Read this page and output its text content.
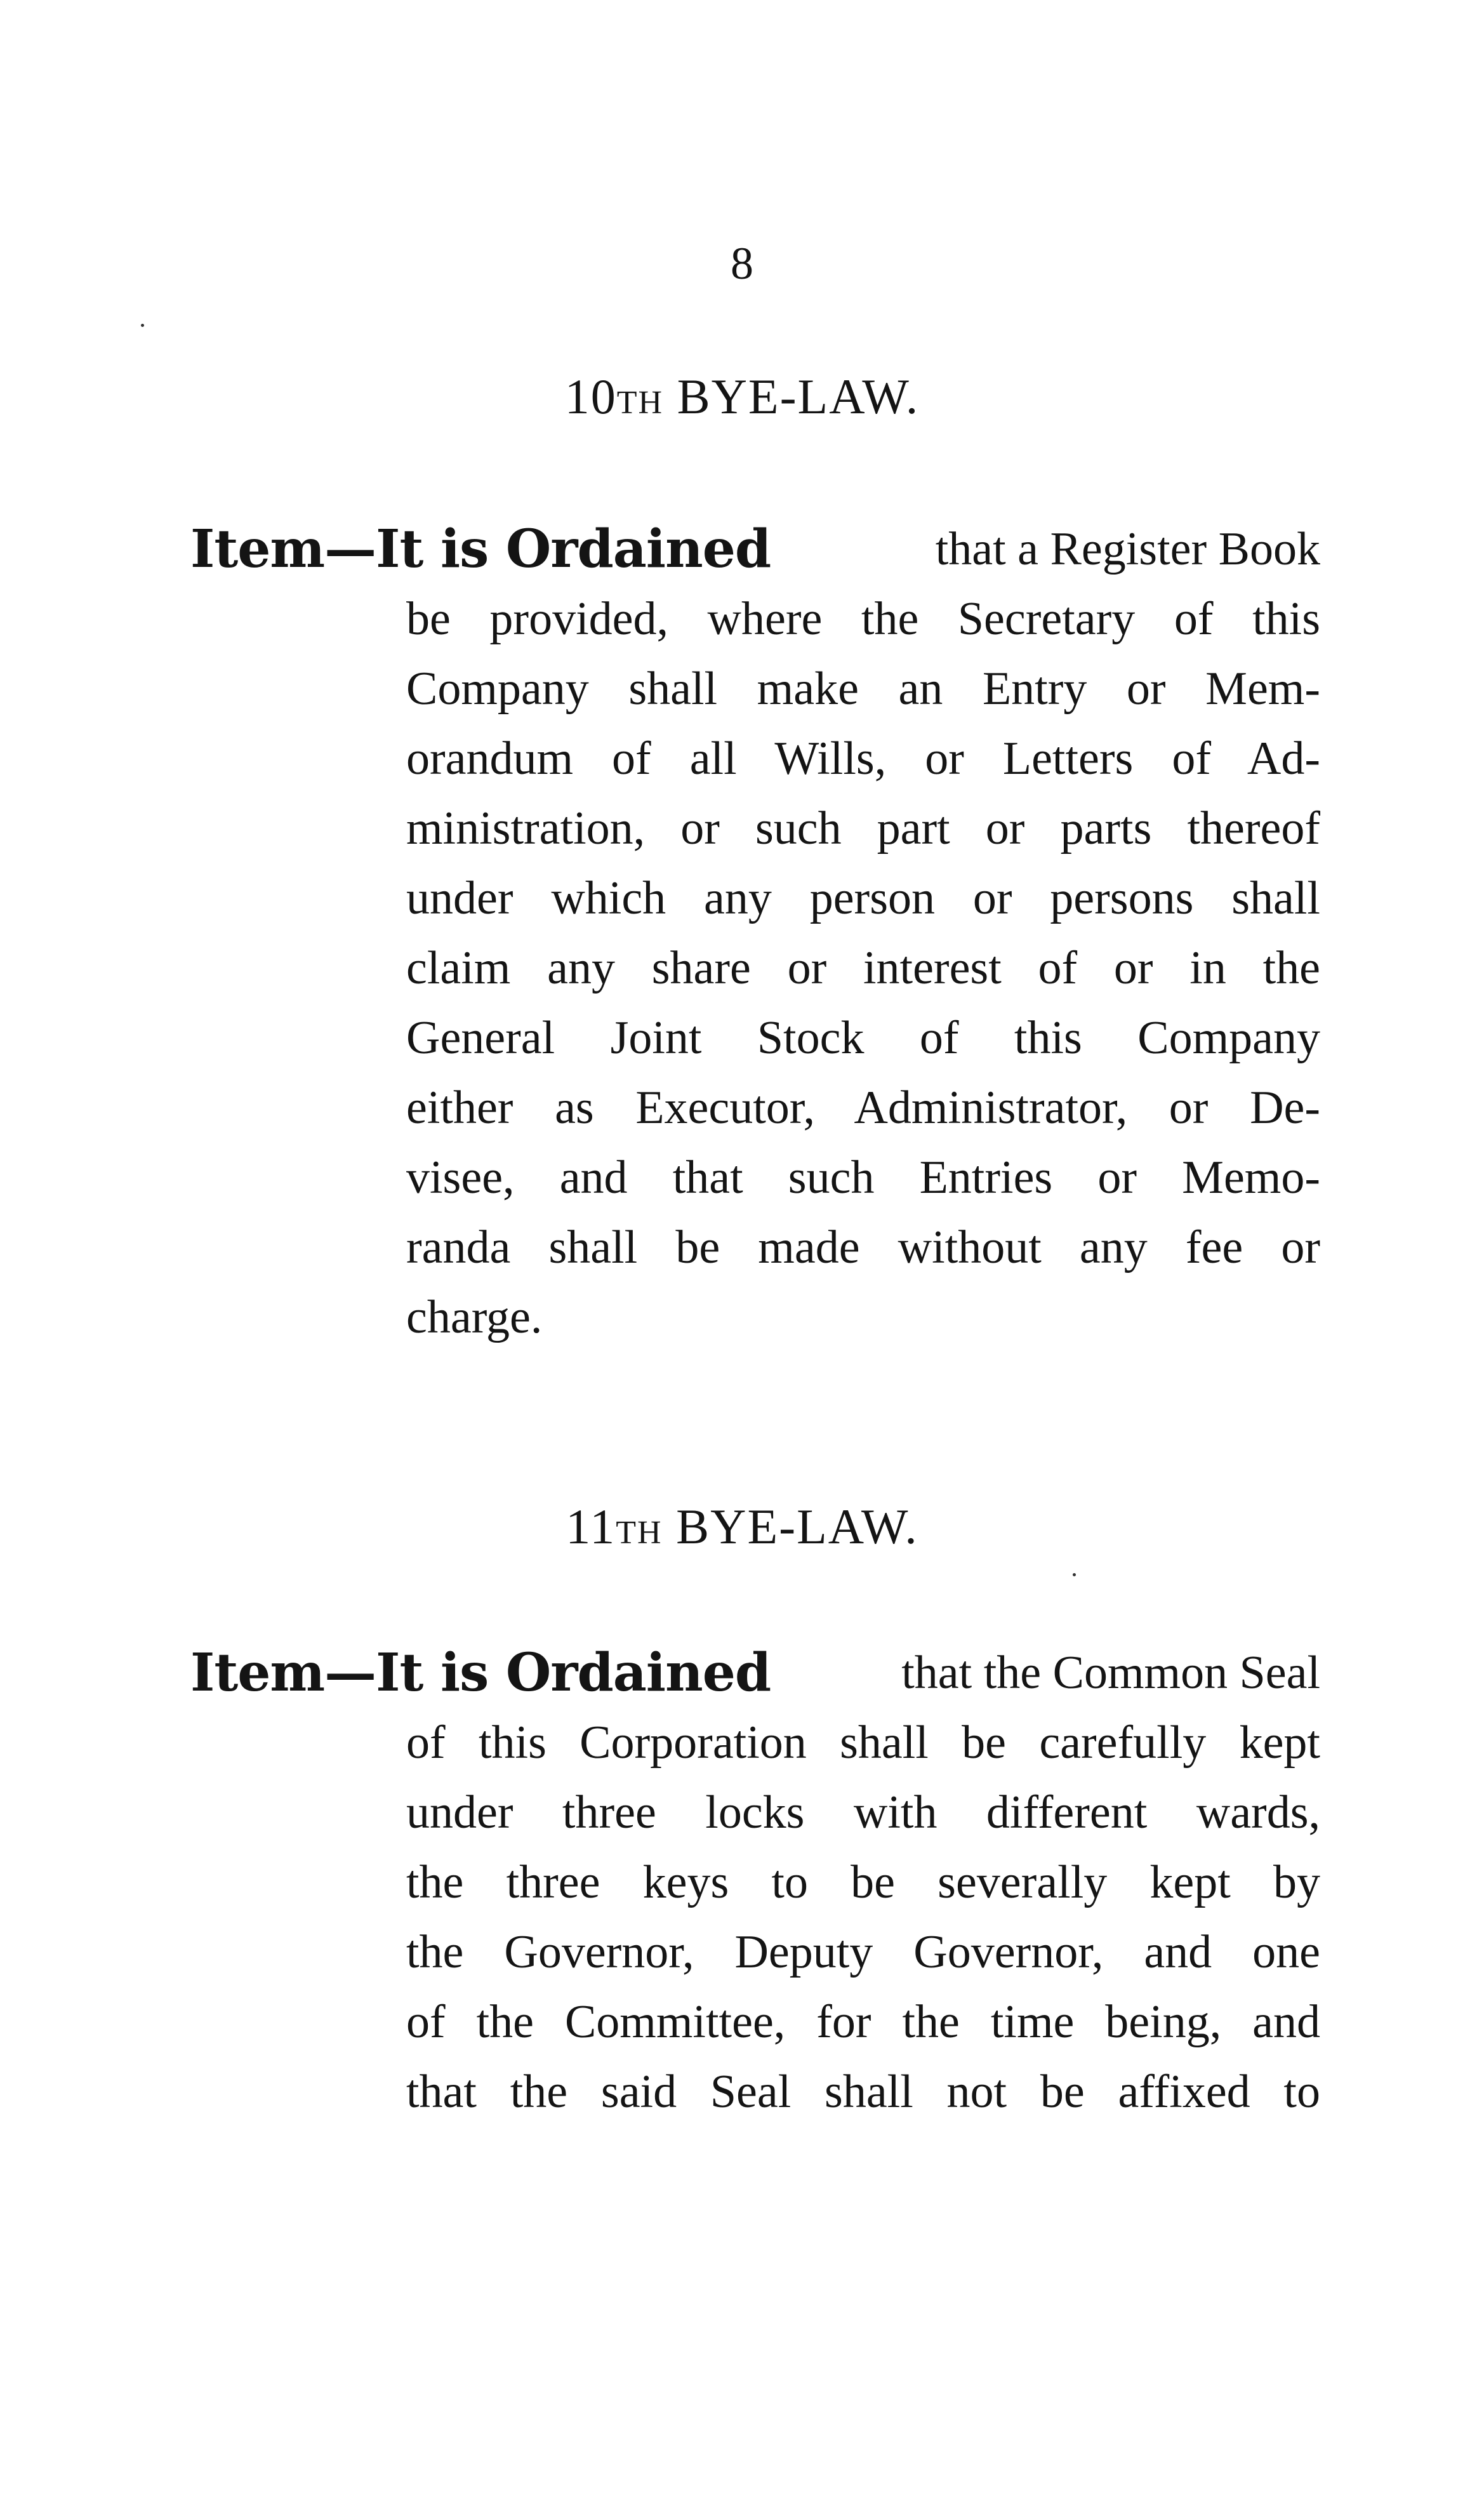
8
10TH BYE-LAW.
Item—It is Ordained	that a Register Book
be provided, where the Secretary of this
Company shall make an Entry or Mem-
orandum of all Wills, or Letters of Ad-
ministration, or such part or parts thereof
under which any person or persons shall
claim any share or interest of or in the
General Joint Stock of this Company
either as Executor, Administrator, or De-
visee, and that such Entries or Memo-
randa shall be made without any fee or
charge.
11TH BYE-LAW.
Item—It is Ordained	that the Common Seal
of this Corporation shall be carefully kept
under three locks with different wards,
the three keys to be severally kept by
the Governor, Deputy Governor, and one
of the Committee, for the time being, and
that the said Seal shall not be affixed to
